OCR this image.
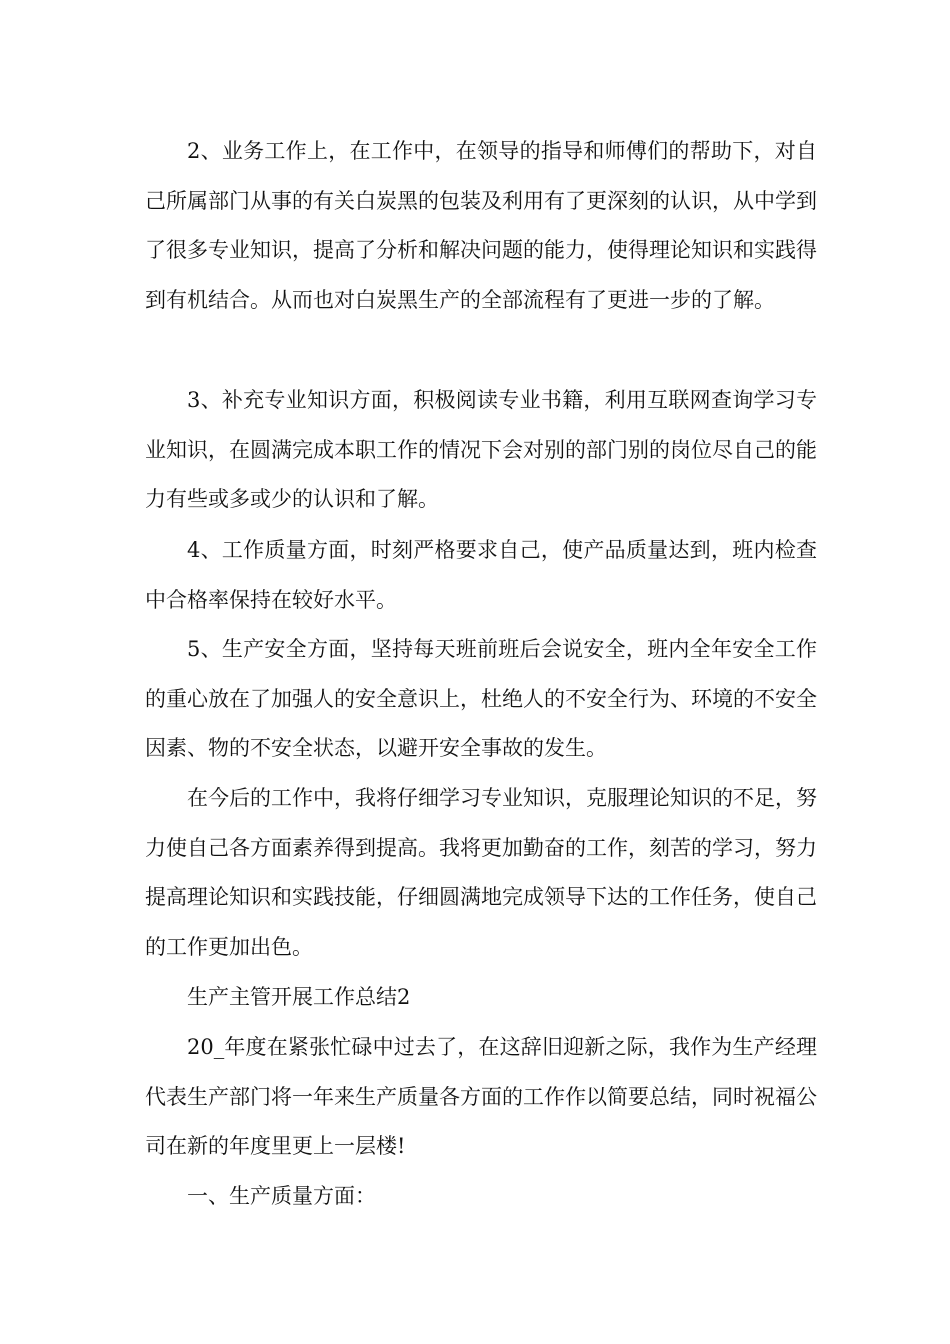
2、业务工作上，在工作中，在领导的指导和师傅们的帮助下，对自己所属部门从事的有关白炭黑的包装及利用有了更深刻的认识，从中学到了很多专业知识，提高了分析和解决问题的能力，使得理论知识和实践得到有机结合。从而也对白炭黑生产的全部流程有了更进一步的了解。

3、补充专业知识方面，积极阅读专业书籍，利用互联网查询学习专业知识，在圆满完成本职工作的情况下会对别的部门别的岗位尽自己的能力有些或多或少的认识和了解。

4、工作质量方面，时刻严格要求自己，使产品质量达到，班内检查中合格率保持在较好水平。

5、生产安全方面，坚持每天班前班后会说安全，班内全年安全工作的重心放在了加强人的安全意识上，杜绝人的不安全行为、环境的不安全因素、物的不安全状态，以避开安全事故的发生。

在今后的工作中，我将仔细学习专业知识，克服理论知识的不足，努力使自己各方面素养得到提高。我将更加勤奋的工作，刻苦的学习，努力提高理论知识和实践技能，仔细圆满地完成领导下达的工作任务，使自己的工作更加出色。

生产主管开展工作总结2

20_年度在紧张忙碌中过去了，在这辞旧迎新之际，我作为生产经理代表生产部门将一年来生产质量各方面的工作作以简要总结，同时祝福公司在新的年度里更上一层楼!

一、生产质量方面：
